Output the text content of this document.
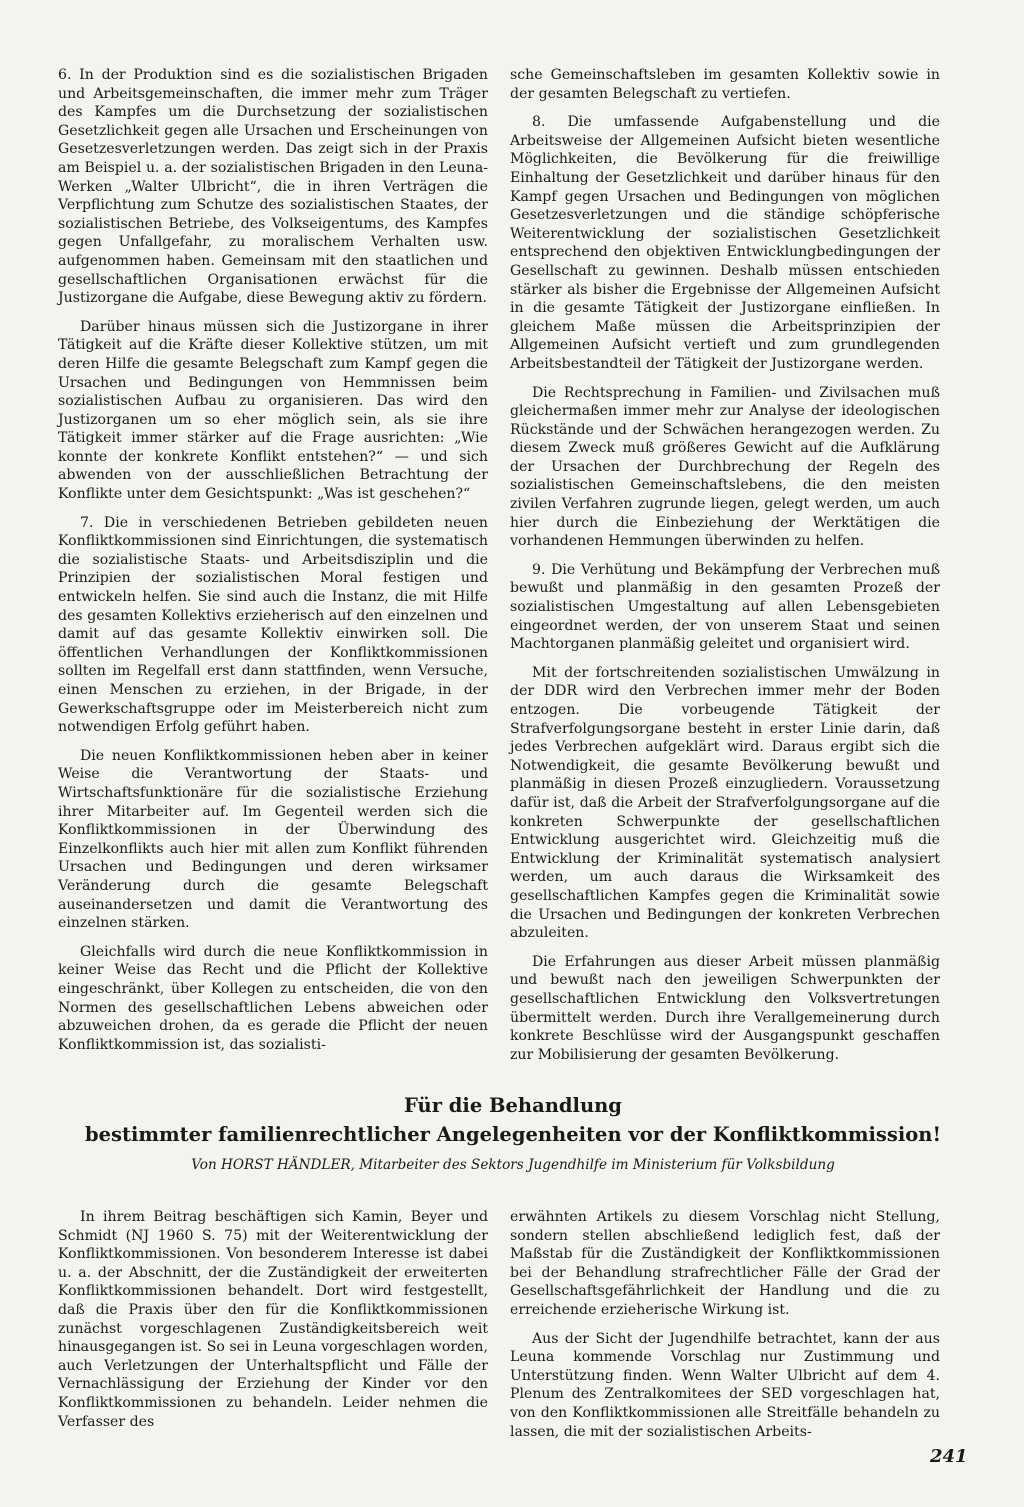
6. In der Produktion sind es die sozialistischen Brigaden und Arbeitsgemeinschaften, die immer mehr zum Träger des Kampfes um die Durchsetzung der sozialistischen Gesetzlichkeit gegen alle Ursachen und Erscheinungen von Gesetzesverletzungen werden. Das zeigt sich in der Praxis am Beispiel u. a. der sozialistischen Brigaden in den Leuna-Werken „Walter Ulbricht“, die in ihren Verträgen die Verpflichtung zum Schutze des sozialistischen Staates, der sozialistischen Betriebe, des Volkseigentums, des Kampfes gegen Unfallgefahr, zu moralischem Verhalten usw. aufgenommen haben. Gemeinsam mit den staatlichen und gesellschaftlichen Organisationen erwächst für die Justizorgane die Aufgabe, diese Bewegung aktiv zu fördern.

Darüber hinaus müssen sich die Justizorgane in ihrer Tätigkeit auf die Kräfte dieser Kollektive stützen, um mit deren Hilfe die gesamte Belegschaft zum Kampf gegen die Ursachen und Bedingungen von Hemmnissen beim sozialistischen Aufbau zu organisieren. Das wird den Justizorganen um so eher möglich sein, als sie ihre Tätigkeit immer stärker auf die Frage ausrichten: „Wie konnte der konkrete Konflikt entstehen?“ — und sich abwenden von der ausschließlichen Betrachtung der Konflikte unter dem Gesichtspunkt: „Was ist geschehen?“

7. Die in verschiedenen Betrieben gebildeten neuen Konfliktkommissionen sind Einrichtungen, die systematisch die sozialistische Staats- und Arbeitsdisziplin und die Prinzipien der sozialistischen Moral festigen und entwickeln helfen. Sie sind auch die Instanz, die mit Hilfe des gesamten Kollektivs erzieherisch auf den einzelnen und damit auf das gesamte Kollektiv einwirken soll. Die öffentlichen Verhandlungen der Konfliktkommissionen sollten im Regelfall erst dann stattfinden, wenn Versuche, einen Menschen zu erziehen, in der Brigade, in der Gewerkschaftsgruppe oder im Meisterbereich nicht zum notwendigen Erfolg geführt haben.

Die neuen Konfliktkommissionen heben aber in keiner Weise die Verantwortung der Staats- und Wirtschaftsfunktionäre für die sozialistische Erziehung ihrer Mitarbeiter auf. Im Gegenteil werden sich die Konfliktkommissionen in der Überwindung des Einzelkonflikts auch hier mit allen zum Konflikt führenden Ursachen und Bedingungen und deren wirksamer Veränderung durch die gesamte Belegschaft auseinandersetzen und damit die Verantwortung des einzelnen stärken.

Gleichfalls wird durch die neue Konfliktkommission in keiner Weise das Recht und die Pflicht der Kollektive eingeschränkt, über Kollegen zu entscheiden, die von den Normen des gesellschaftlichen Lebens abweichen oder abzuweichen drohen, da es gerade die Pflicht der neuen Konfliktkommission ist, das sozialisti-

sche Gemeinschaftsleben im gesamten Kollektiv sowie in der gesamten Belegschaft zu vertiefen.

8. Die umfassende Aufgabenstellung und die Arbeitsweise der Allgemeinen Aufsicht bieten wesentliche Möglichkeiten, die Bevölkerung für die freiwillige Einhaltung der Gesetzlichkeit und darüber hinaus für den Kampf gegen Ursachen und Bedingungen von möglichen Gesetzesverletzungen und die ständige schöpferische Weiterentwicklung der sozialistischen Gesetzlichkeit entsprechend den objektiven Entwicklungbedingungen der Gesellschaft zu gewinnen. Deshalb müssen entschieden stärker als bisher die Ergebnisse der Allgemeinen Aufsicht in die gesamte Tätigkeit der Justizorgane einfließen. In gleichem Maße müssen die Arbeitsprinzipien der Allgemeinen Aufsicht vertieft und zum grundlegenden Arbeitsbestandteil der Tätigkeit der Justizorgane werden.

Die Rechtsprechung in Familien- und Zivilsachen muß gleichermaßen immer mehr zur Analyse der ideologischen Rückstände und der Schwächen herangezogen werden. Zu diesem Zweck muß größeres Gewicht auf die Aufklärung der Ursachen der Durchbrechung der Regeln des sozialistischen Gemeinschaftslebens, die den meisten zivilen Verfahren zugrunde liegen, gelegt werden, um auch hier durch die Einbeziehung der Werktätigen die vorhandenen Hemmungen überwinden zu helfen.

9. Die Verhütung und Bekämpfung der Verbrechen muß bewußt und planmäßig in den gesamten Prozeß der sozialistischen Umgestaltung auf allen Lebensgebieten eingeordnet werden, der von unserem Staat und seinen Machtorganen planmäßig geleitet und organisiert wird.

Mit der fortschreitenden sozialistischen Umwälzung in der DDR wird den Verbrechen immer mehr der Boden entzogen. Die vorbeugende Tätigkeit der Strafverfolgungsorgane besteht in erster Linie darin, daß jedes Verbrechen aufgeklärt wird. Daraus ergibt sich die Notwendigkeit, die gesamte Bevölkerung bewußt und planmäßig in diesen Prozeß einzugliedern. Voraussetzung dafür ist, daß die Arbeit der Strafverfolgungsorgane auf die konkreten Schwerpunkte der gesellschaftlichen Entwicklung ausgerichtet wird. Gleichzeitig muß die Entwicklung der Kriminalität systematisch analysiert werden, um auch daraus die Wirksamkeit des gesellschaftlichen Kampfes gegen die Kriminalität sowie die Ursachen und Bedingungen der konkreten Verbrechen abzuleiten.

Die Erfahrungen aus dieser Arbeit müssen planmäßig und bewußt nach den jeweiligen Schwerpunkten der gesellschaftlichen Entwicklung den Volksvertretungen übermittelt werden. Durch ihre Verallgemeinerung durch konkrete Beschlüsse wird der Ausgangspunkt geschaffen zur Mobilisierung der gesamten Bevölkerung.

Für die Behandlung
bestimmter familienrechtlicher Angelegenheiten vor der Konfliktkommission!
Von HORST HÄNDLER, Mitarbeiter des Sektors Jugendhilfe im Ministerium für Volksbildung

In ihrem Beitrag beschäftigen sich Kamin, Beyer und Schmidt (NJ 1960 S. 75) mit der Weiterentwicklung der Konfliktkommissionen. Von besonderem Interesse ist dabei u. a. der Abschnitt, der die Zuständigkeit der erweiterten Konfliktkommissionen behandelt. Dort wird festgestellt, daß die Praxis über den für die Konfliktkommissionen zunächst vorgeschlagenen Zuständigkeitsbereich weit hinausgegangen ist. So sei in Leuna vorgeschlagen worden, auch Verletzungen der Unterhaltspflicht und Fälle der Vernachlässigung der Erziehung der Kinder vor den Konfliktkommissionen zu behandeln. Leider nehmen die Verfasser des

erwähnten Artikels zu diesem Vorschlag nicht Stellung, sondern stellen abschließend lediglich fest, daß der Maßstab für die Zuständigkeit der Konfliktkommissionen bei der Behandlung strafrechtlicher Fälle der Grad der Gesellschaftsgefährlichkeit der Handlung und die zu erreichende erzieherische Wirkung ist.

Aus der Sicht der Jugendhilfe betrachtet, kann der aus Leuna kommende Vorschlag nur Zustimmung und Unterstützung finden. Wenn Walter Ulbricht auf dem 4. Plenum des Zentralkomitees der SED vorgeschlagen hat, von den Konfliktkommissionen alle Streitfälle behandeln zu lassen, die mit der sozialistischen Arbeits-

241
